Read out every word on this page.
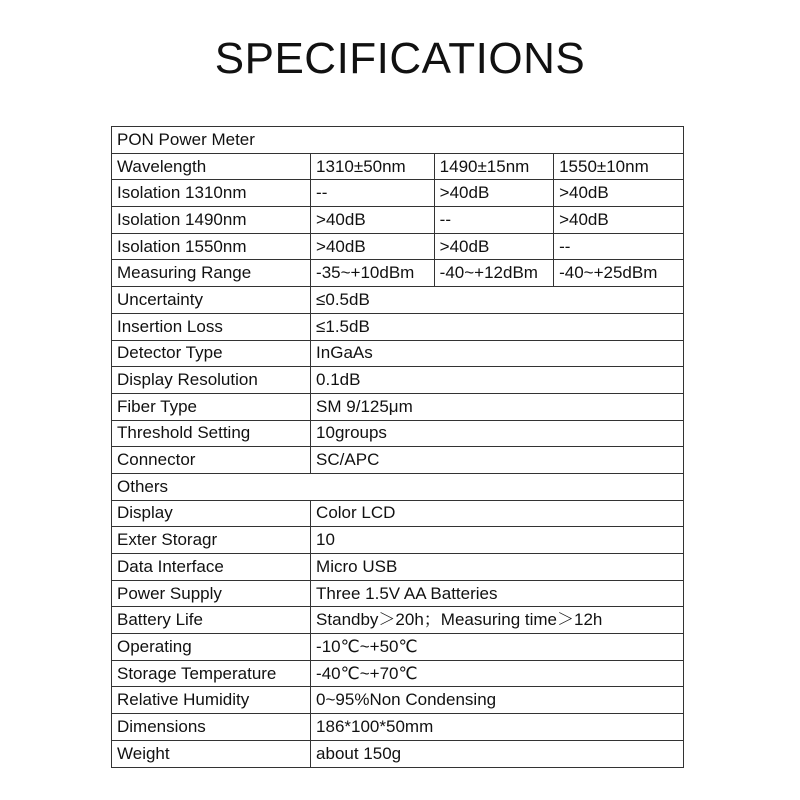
SPECIFICATIONS
PON Power Meter			
Wavelength	1310±50nm	1490±15nm	1550±10nm
Isolation 1310nm	--	>40dB	>40dB
Isolation 1490nm	>40dB	--	>40dB
Isolation 1550nm	>40dB	>40dB	--
Measuring Range	-35~+10dBm	-40~+12dBm	-40~+25dBm
Uncertainty	≤0.5dB		
Insertion Loss	≤1.5dB		
Detector Type	InGaAs		
Display Resolution	0.1dB		
Fiber Type	SM 9/125μm		
Threshold Setting	10groups		
Connector	SC/APC		
Others			
Display	Color LCD		
Exter Storagr	10		
Data Interface	Micro USB		
Power Supply	Three 1.5V AA Batteries		
Battery Life	Standby＞20h；Measuring time＞12h		
Operating	-10℃~+50℃		
Storage Temperature	-40℃~+70℃		
Relative Humidity	0~95%Non Condensing		
Dimensions	186*100*50mm		
Weight	about 150g		
